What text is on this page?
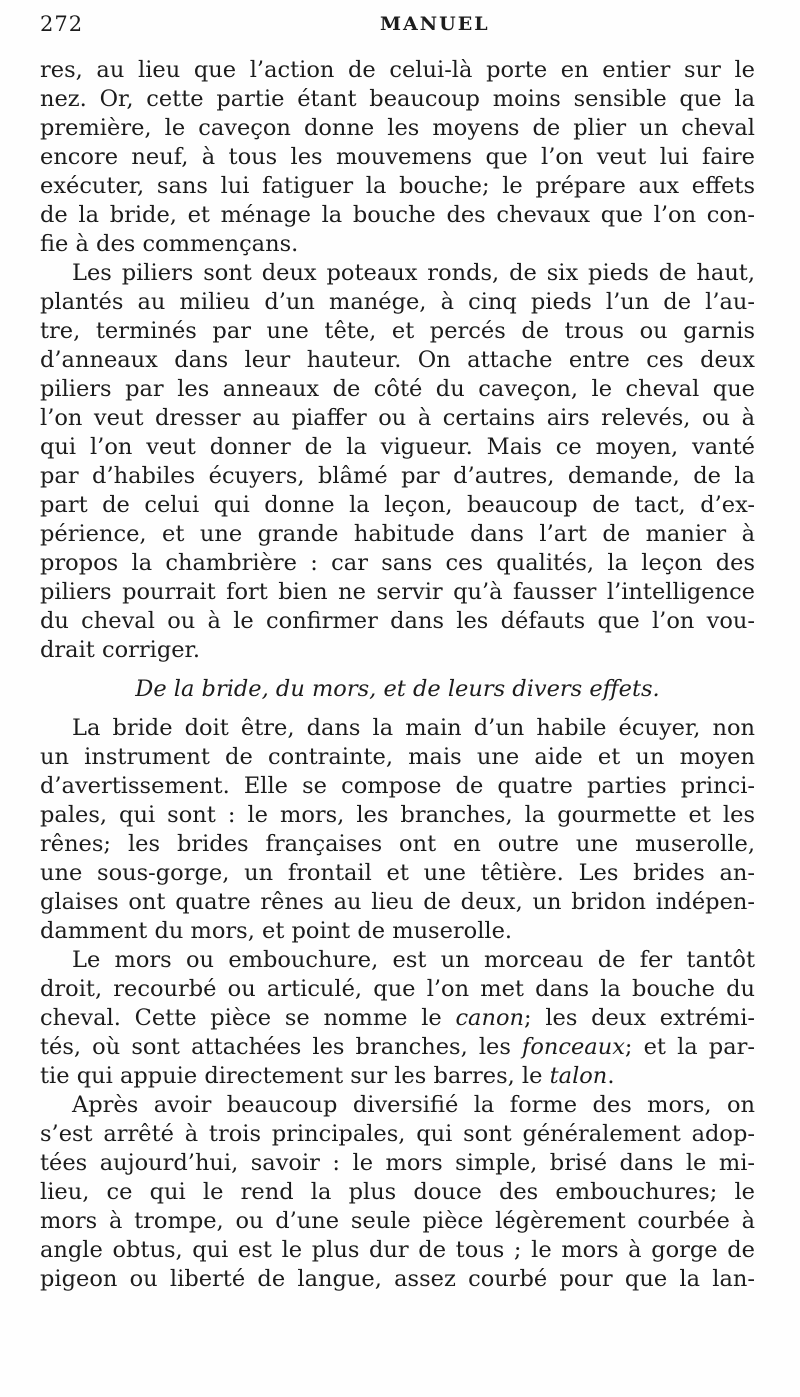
272	MANUEL
res, au lieu que l’action de celui-là porte en entier sur le
nez. Or, cette partie étant beaucoup moins sensible que la
première, le caveçon donne les moyens de plier un cheval
encore neuf, à tous les mouvemens que l’on veut lui faire
exécuter, sans lui fatiguer la bouche; le prépare aux effets
de la bride, et ménage la bouche des chevaux que l’on con-
fie à des commençans.
Les piliers sont deux poteaux ronds, de six pieds de haut,
plantés au milieu d’un manége, à cinq pieds l’un de l’au-
tre, terminés par une tête, et percés de trous ou garnis
d’anneaux dans leur hauteur. On attache entre ces deux
piliers par les anneaux de côté du caveçon, le cheval que
l’on veut dresser au piaffer ou à certains airs relevés, ou à
qui l’on veut donner de la vigueur. Mais ce moyen, vanté
par d’habiles écuyers, blâmé par d’autres, demande, de la
part de celui qui donne la leçon, beaucoup de tact, d’ex-
périence, et une grande habitude dans l’art de manier à
propos la chambrière : car sans ces qualités, la leçon des
piliers pourrait fort bien ne servir qu’à fausser l’intelligence
du cheval ou à le confirmer dans les défauts que l’on vou-
drait corriger.
De la bride, du mors, et de leurs divers effets.
La bride doit être, dans la main d’un habile écuyer, non
un instrument de contrainte, mais une aide et un moyen
d’avertissement. Elle se compose de quatre parties princi-
pales, qui sont : le mors, les branches, la gourmette et les
rênes; les brides françaises ont en outre une muserolle,
une sous-gorge, un frontail et une têtière. Les brides an-
glaises ont quatre rênes au lieu de deux, un bridon indépen-
damment du mors, et point de muserolle.
Le mors ou embouchure, est un morceau de fer tantôt
droit, recourbé ou articulé, que l’on met dans la bouche du
cheval. Cette pièce se nomme le canon; les deux extrémi-
tés, où sont attachées les branches, les fonceaux; et la par-
tie qui appuie directement sur les barres, le talon.
Après avoir beaucoup diversifié la forme des mors, on
s’est arrêté à trois principales, qui sont généralement adop-
tées aujourd’hui, savoir : le mors simple, brisé dans le mi-
lieu, ce qui le rend la plus douce des embouchures; le
mors à trompe, ou d’une seule pièce légèrement courbée à
angle obtus, qui est le plus dur de tous ; le mors à gorge de
pigeon ou liberté de langue, assez courbé pour que la lan-
